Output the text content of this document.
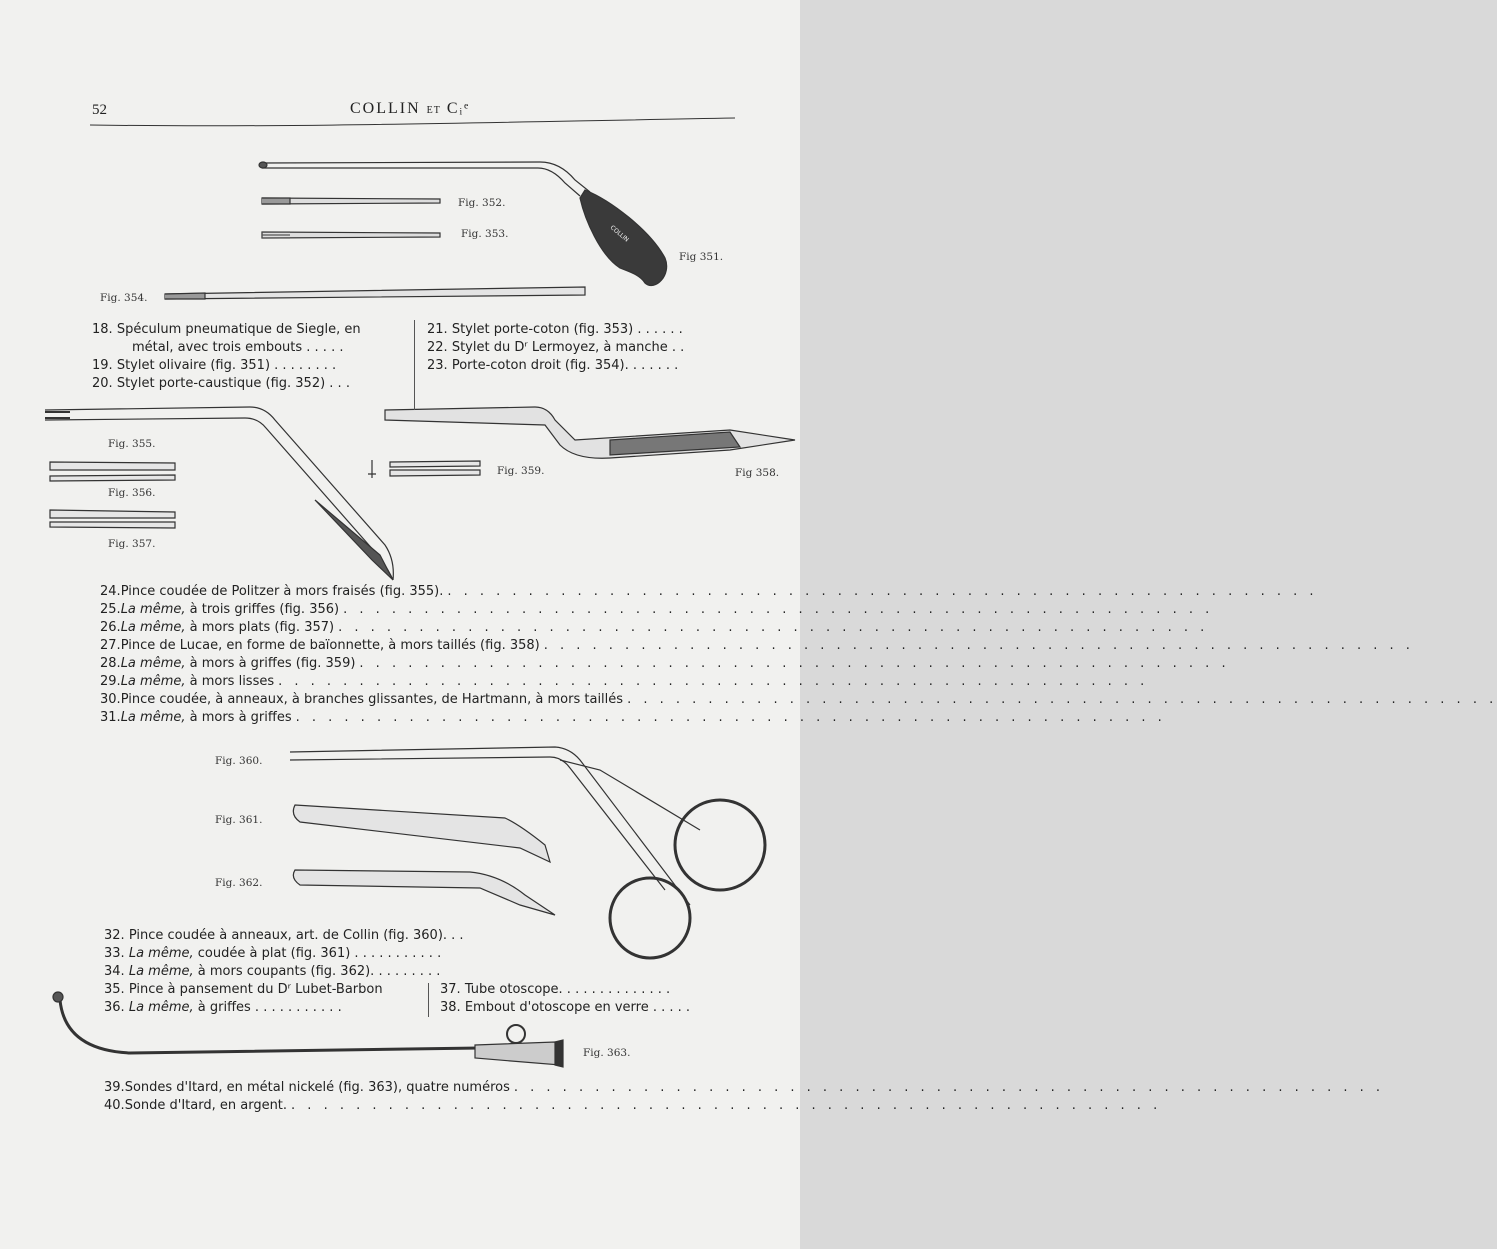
52	COLLIN ET Cᵢᵉ
COLLIN
Fig 351.
Fig. 352.
Fig. 353.
Fig. 354.
Fig. 355.
Fig. 356.
Fig. 357.
Fig 358.
Fig. 359.
Fig. 360.
Fig. 361.
Fig. 362.
Fig. 363.
18. Spéculum pneumatique de Siegle, en
métal, avec trois embouts . . . . .
19. Stylet olivaire (fig. 351) . . . . . . . .
20. Stylet porte-caustique (fig. 352) . . .
21. Stylet porte-coton (fig. 353) . . . . . .
22. Stylet du Dʳ Lermoyez, à manche . .
23. Porte-coton droit (fig. 354). . . . . . .
24. Pince coudée de Politzer à mors fraisés (fig. 355). . . . . . . . . . . . . . . . . . . . . . . . . . . . . . . . . . . . . . . . . . . . . . . . . . . . . . .
25. La même, à trois griffes (fig. 356) . . . . . . . . . . . . . . . . . . . . . . . . . . . . . . . . . . . . . . . . . . . . . . . . . . . . . .
26. La même, à mors plats (fig. 357) . . . . . . . . . . . . . . . . . . . . . . . . . . . . . . . . . . . . . . . . . . . . . . . . . . . . . .
27. Pince de Lucae, en forme de baïonnette, à mors taillés (fig. 358) . . . . . . . . . . . . . . . . . . . . . . . . . . . . . . . . . . . . . . . . . . . . . . . . . . . . . .
28. La même, à mors à griffes (fig. 359) . . . . . . . . . . . . . . . . . . . . . . . . . . . . . . . . . . . . . . . . . . . . . . . . . . . . . .
29. La même, à mors lisses . . . . . . . . . . . . . . . . . . . . . . . . . . . . . . . . . . . . . . . . . . . . . . . . . . . . . .
30. Pince coudée, à anneaux, à branches glissantes, de Hartmann, à mors taillés . . . . . . . . . . . . . . . . . . . . . . . . . . . . . . . . . . . . . . . . . . . . . . . . . . . . . .
31. La même, à mors à griffes . . . . . . . . . . . . . . . . . . . . . . . . . . . . . . . . . . . . . . . . . . . . . . . . . . . . . .
32. Pince coudée à anneaux, art. de Collin (fig. 360). . .
33. La même, coudée à plat (fig. 361) . . . . . . . . . . .
34. La même, à mors coupants (fig. 362). . . . . . . . .
35. Pince à pansement du Dʳ Lubet-Barbon
36. La même, à griffes . . . . . . . . . . .
37. Tube otoscope. . . . . . . . . . . . . .
38. Embout d'otoscope en verre . . . . .
39. Sondes d'Itard, en métal nickelé (fig. 363), quatre numéros . . . . . . . . . . . . . . . . . . . . . . . . . . . . . . . . . . . . . . . . . . . . . . . . . . . . . .
40. Sonde d'Itard, en argent. . . . . . . . . . . . . . . . . . . . . . . . . . . . . . . . . . . . . . . . . . . . . . . . . . . . . . .
